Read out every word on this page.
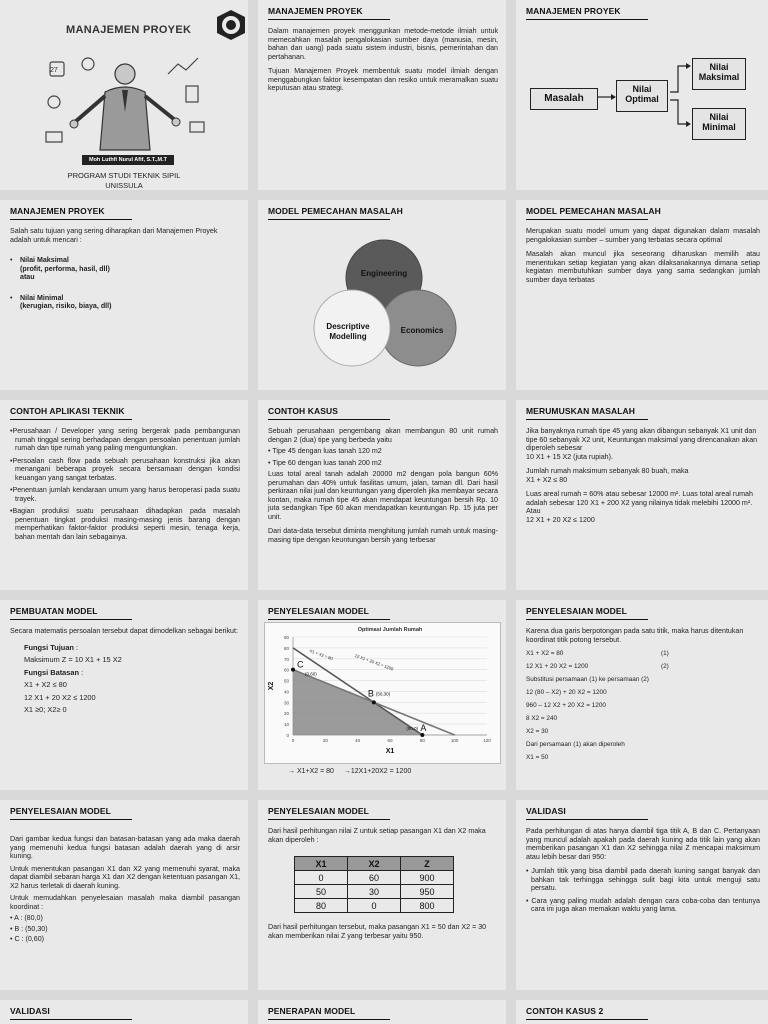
MANAJEMEN PROYEK
27
Moh Luthfi Nurul Afif, S.T.,M.T
PROGRAM STUDI TEKNIK SIPIL
UNISSULA
MANAJEMEN PROYEK

Dalam manajemen proyek menggunkan metode-metode ilmiah untuk memecahkan masalah pengalokasian sumber daya (manusia, mesin, bahan dan uang) pada suatu sistem industri, bisnis, pemerintahan dan pertahanan.

Tujuan Manajemen Proyek membentuk suatu model ilmiah dengan menggabungkan faktor kesempatan dan resiko untuk meramalkan suatu keputusan atau strategi.

MANAJEMEN PROYEK
Masalah
Nilai
Optimal
Nilai
Maksimal
Nilai
Minimal
MANAJEMEN PROYEK

Salah satu tujuan yang sering diharapkan dari Manajemen Proyek adalah untuk mencari :

• Nilai Maksimal
(profit, performa, hasil, dll)
atau
• Nilai Minimal
(kerugian, risiko, biaya, dll)
MODEL PEMECAHAN MASALAH
Engineering
Descriptive
Modelling
Economics
MODEL PEMECAHAN MASALAH

Merupakan suatu model umum yang dapat digunakan dalam masalah pengalokasian sumber – sumber yang terbatas secara optimal

Masalah akan muncul jika seseorang diharuskan memilih atau menentukan setiap kegiatan yang akan dilaksanakannya dimana setiap kegiatan membutuhkan sumber daya yang sama sedangkan jumlah sumber daya terbatas

CONTOH APLIKASI TEKNIK
•Perusahaan / Developer yang sering bergerak pada pembangunan rumah tinggal sering berhadapan dengan persoalan penentuan jumlah rumah dan tipe rumah yang paling menguntungkan.
•Persoalan cash flow pada sebuah perusahaan konstruksi jika akan menangani beberapa proyek secara bersamaan dengan kondisi keuangan yang sangat terbatas.
•Penentuan jumlah kendaraan umum yang harus beroperasi pada suatu trayek.
•Bagian produksi suatu perusahaan dihadapkan pada masalah penentuan tingkat produksi masing-masing jenis barang dengan memperhatikan faktor-faktor produksi seperti mesin, tenaga kerja, bahan mentah dan lain sebagainya.
CONTOH KASUS

Sebuah perusahaan pengembang akan membangun 80 unit rumah dengan 2 (dua) tipe yang berbeda yaitu

• Tipe 45 dengan luas tanah 120 m2
• Tipe 60 dengan luas tanah 200 m2

Luas total areal tanah adalah 20000 m2 dengan pola bangun 60% perumahan dan 40% untuk fasilitas umum, jalan, taman dll. Dari hasil perkiraan nilai jual dan keuntungan yang diperoleh jika membayar secara kontan, maka rumah tipe 45 akan mendapat keuntungan bersih Rp. 10 juta sedangkan Tipe 60 akan mendapatkan keuntungan Rp. 15 juta per unit.

Dari data-data tersebut diminta menghitung jumlah rumah untuk masing-masing tipe dengan keuntungan bersih yang terbesar

MERUMUSKAN MASALAH
Jika banyaknya rumah tipe 45 yang akan dibangun sebanyak X1 unit dan tipe 60 sebanyak X2 unit, Keuntungan maksimal yang direncanakan akan diperoleh sebesar

10 X1 + 15 X2 (juta rupiah).

Jumlah rumah maksimum sebanyak 80 buah, maka

X1 + X2 ≤ 80

Luas areal rumah = 60% atau sebesar 12000 m². Luas total areal rumah adalah sebesar 120 X1 + 200 X2 yang nilainya tidak melebihi 12000 m². Atau

12 X1 + 20 X2 ≤ 1200

PEMBUATAN MODEL

Secara matematis persoalan tersebut dapat dimodelkan sebagai berikut:

Fungsi Tujuan :
Maksimum Z = 10 X1 + 15 X2
Fungsi Batasan :
X1 + X2 ≤ 80
12 X1 + 20 X2 ≤ 1200
X1 ≥0; X2≥ 0
PENYELESAIAN MODEL
0
10
20
30
40
50
60
70
80
90
0	20	40	60	80	100	120
X1 + X2 = 80	12 X1 + 20 X2 = 1200
C
(0,60)
B (50,30)
A
(80,0)
X1
X2
Optimasi Jumlah Rumah
→ X1+X2 = 80 →12X1+20X2 = 1200
PENYELESAIAN MODEL

Karena dua garis berpotongan pada satu titik, maka harus ditentukan koordinat titik potong tersebut.

X1 + X2 = 80	(1)
12 X1 + 20 X2 = 1200	(2)
Substitusi persamaan (1) ke persamaan (2)
12 (80 – X2) + 20 X2 = 1200
960 – 12 X2 + 20 X2 = 1200
8 X2 = 240
X2 = 30
Dari persamaan (1) akan diperoleh
X1 = 50
PENYELESAIAN MODEL

Dari gambar kedua fungsi dan batasan-batasan yang ada maka daerah yang memenuhi kedua fungsi batasan adalah daerah yang di arsir kuning.

Untuk menentukan pasangan X1 dan X2 yang memenuhi syarat, maka dapat diambil sebaran harga X1 dan X2 dengan ketentuan pasangan X1, X2 harus terletak di daerah kuning.

Untuk memudahkan penyelesaian masalah maka diambil pasangan koordinat :

• A : (80,0)
• B : (50,30)
• C : (0,60)
PENYELESAIAN MODEL
Dari hasil perhitungan nilai Z untuk setiap pasangan X1 dan X2 maka akan diperoleh :
X1	X2	Z
0	60	900
50	30	950
80	0	800
Dari hasil perhitungan tersebut, maka pasangan X1 = 50 dan X2 = 30 akan memberikan nilai Z yang terbesar yaitu 950.
VALIDASI

Pada perhitungan di atas hanya diambil tiga titik A, B dan C. Pertanyaan yang muncul adalah apakah pada daerah kuning ada titik lain yang akan memberikan pasangan X1 dan X2 sehingga nilai Z mencapai maksimum atau lebih besar dari 950:

• Jumlah titik yang bisa diambil pada daerah kuning sangat banyak dan bahkan tak terhingga sehingga sulit bagi kita untuk menguji satu persatu.
• Cara yang paling mudah adalah dengan cara coba-coba dan tentunya cara ini juga akan memakan waktu yang lama.
VALIDASI	PENERAPAN MODEL	CONTOH KASUS 2
